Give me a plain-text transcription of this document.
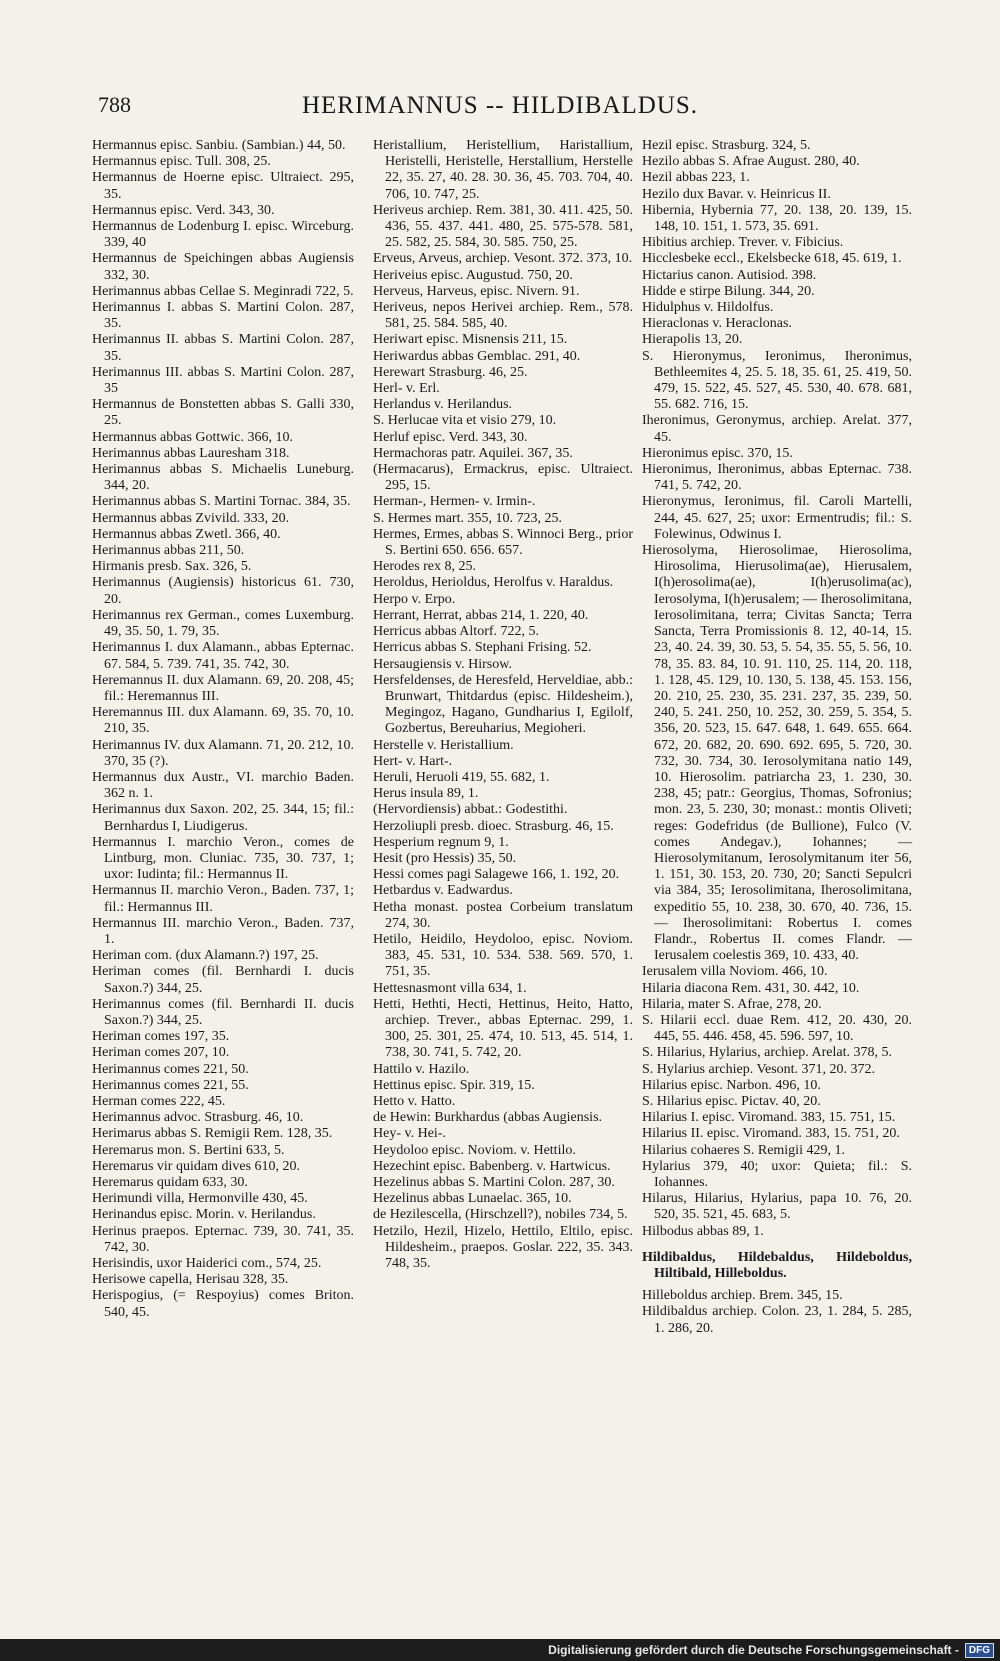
788	HERIMANNUS -- HILDIBALDUS.
Hermannus episc. Sanbiu. (Sambian.) 44, 50.
Hermannus episc. Tull. 308, 25.
Hermannus de Hoerne episc. Ultraiect. 295, 35.
Hermannus episc. Verd. 343, 30.
Hermannus de Lodenburg I. episc. Wirceburg. 339, 40
Hermannus de Speichingen abbas Augiensis 332, 30.
Herimannus abbas Cellae S. Meginradi 722, 5.
Herimannus I. abbas S. Martini Colon. 287, 35.
Herimannus II. abbas S. Martini Colon. 287, 35.
Herimannus III. abbas S. Martini Colon. 287, 35
Hermannus de Bonstetten abbas S. Galli 330, 25.
Hermannus abbas Gottwic. 366, 10.
Herimannus abbas Lauresham 318.
Herimannus abbas S. Michaelis Luneburg. 344, 20.
Herimannus abbas S. Martini Tornac. 384, 35.
Hermannus abbas Zvivild. 333, 20.
Hermannus abbas Zwetl. 366, 40.
Herimannus abbas 211, 50.
Hirmanis presb. Sax. 326, 5.
Herimannus (Augiensis) historicus 61. 730, 20.
Herimannus rex German., comes Luxemburg. 49, 35. 50, 1. 79, 35.
Herimannus I. dux Alamann., abbas Epternac. 67. 584, 5. 739. 741, 35. 742, 30.
Heremannus II. dux Alamann. 69, 20. 208, 45; fil.: Heremannus III.
Heremannus III. dux Alamann. 69, 35. 70, 10. 210, 35.
Herimannus IV. dux Alamann. 71, 20. 212, 10. 370, 35 (?).
Hermannus dux Austr., VI. marchio Baden. 362 n. 1.
Herimannus dux Saxon. 202, 25. 344, 15; fil.: Bernhardus I, Liudigerus.
Hermannus I. marchio Veron., comes de Lintburg, mon. Cluniac. 735, 30. 737, 1; uxor: Iudinta; fil.: Hermannus II.
Hermannus II. marchio Veron., Baden. 737, 1; fil.: Hermannus III.
Hermannus III. marchio Veron., Baden. 737, 1.
Heriman com. (dux Alamann.?) 197, 25.
Heriman comes (fil. Bernhardi I. ducis Saxon.?) 344, 25.
Herimannus comes (fil. Bernhardi II. ducis Saxon.?) 344, 25.
Heriman comes 197, 35.
Heriman comes 207, 10.
Herimannus comes 221, 50.
Herimannus comes 221, 55.
Herman comes 222, 45.
Herimannus advoc. Strasburg. 46, 10.
Herimarus abbas S. Remigii Rem. 128, 35.
Heremarus mon. S. Bertini 633, 5.
Heremarus vir quidam dives 610, 20.
Heremarus quidam 633, 30.
Herimundi villa, Hermonville 430, 45.
Herinandus episc. Morin. v. Herilandus.
Herinus praepos. Epternac. 739, 30. 741, 35. 742, 30.
Herisindis, uxor Haiderici com., 574, 25.
Herisowe capella, Herisau 328, 35.
Herispogius, (= Respoyius) comes Briton. 540, 45.
Heristallium, Heristellium, Haristallium, Heristelli, Heristelle, Herstallium, Herstelle 22, 35. 27, 40. 28. 30. 36, 45. 703. 704, 40. 706, 10. 747, 25.
Heriveus archiep. Rem. 381, 30. 411. 425, 50. 436, 55. 437. 441. 480, 25. 575-578. 581, 25. 582, 25. 584, 30. 585. 750, 25.
Erveus, Arveus, archiep. Vesont. 372. 373, 10.
Heriveius episc. Augustud. 750, 20.
Herveus, Harveus, episc. Nivern. 91.
Heriveus, nepos Herivei archiep. Rem., 578. 581, 25. 584. 585, 40.
Heriwart episc. Misnensis 211, 15.
Heriwardus abbas Gemblac. 291, 40.
Herewart Strasburg. 46, 25.
Herl- v. Erl.
Herlandus v. Herilandus.
S. Herlucae vita et visio 279, 10.
Herluf episc. Verd. 343, 30.
Hermachoras patr. Aquilei. 367, 35.
(Hermacarus), Ermackrus, episc. Ultraiect. 295, 15.
Herman-, Hermen- v. Irmin-.
S. Hermes mart. 355, 10. 723, 25.
Hermes, Ermes, abbas S. Winnoci Berg., prior S. Bertini 650. 656. 657.
Herodes rex 8, 25.
Heroldus, Herioldus, Herolfus v. Haraldus.
Herpo v. Erpo.
Herrant, Herrat, abbas 214, 1. 220, 40.
Herricus abbas Altorf. 722, 5.
Herricus abbas S. Stephani Frising. 52.
Hersaugiensis v. Hirsow.
Hersfeldenses, de Heresfeld, Herveldiae, abb.: Brunwart, Thitdardus (episc. Hildesheim.), Megingoz, Hagano, Gundharius I, Egilolf, Gozbertus, Bereuharius, Megioheri.
Herstelle v. Heristallium.
Hert- v. Hart-.
Heruli, Heruoli 419, 55. 682, 1.
Herus insula 89, 1.
(Hervordiensis) abbat.: Godestithi.
Herzoliupli presb. dioec. Strasburg. 46, 15.
Hesperium regnum 9, 1.
Hesit (pro Hessis) 35, 50.
Hessi comes pagi Salagewe 166, 1. 192, 20.
Hetbardus v. Eadwardus.
Hetha monast. postea Corbeium translatum 274, 30.
Hetilo, Heidilo, Heydoloo, episc. Noviom. 383, 45. 531, 10. 534. 538. 569. 570, 1. 751, 35.
Hettesnasmont villa 634, 1.
Hetti, Hethti, Hecti, Hettinus, Heito, Hatto, archiep. Trever., abbas Epternac. 299, 1. 300, 25. 301, 25. 474, 10. 513, 45. 514, 1. 738, 30. 741, 5. 742, 20.
Hattilo v. Hazilo.
Hettinus episc. Spir. 319, 15.
Hetto v. Hatto.
de Hewin: Burkhardus (abbas Augiensis.
Hey- v. Hei-.
Heydoloo episc. Noviom. v. Hettilo.
Hezechint episc. Babenberg. v. Hartwicus.
Hezelinus abbas S. Martini Colon. 287, 30.
Hezelinus abbas Lunaelac. 365, 10.
de Hezilescella, (Hirschzell?), nobiles 734, 5.
Hetzilo, Hezil, Hizelo, Hettilo, Eltilo, episc. Hildesheim., praepos. Goslar. 222, 35. 343. 748, 35.
Hezil episc. Strasburg. 324, 5.
Hezilo abbas S. Afrae August. 280, 40.
Hezil abbas 223, 1.
Hezilo dux Bavar. v. Heinricus II.
Hibernia, Hybernia 77, 20. 138, 20. 139, 15. 148, 10. 151, 1. 573, 35. 691.
Hibitius archiep. Trever. v. Fibicius.
Hicclesbeke eccl., Ekelsbecke 618, 45. 619, 1.
Hictarius canon. Autisiod. 398.
Hidde e stirpe Bilung. 344, 20.
Hidulphus v. Hildolfus.
Hieraclonas v. Heraclonas.
Hierapolis 13, 20.
S. Hieronymus, Ieronimus, Iheronimus, Bethleemites 4, 25. 5. 18, 35. 61, 25. 419, 50. 479, 15. 522, 45. 527, 45. 530, 40. 678. 681, 55. 682. 716, 15.
Iheronimus, Geronymus, archiep. Arelat. 377, 45.
Hieronimus episc. 370, 15.
Hieronimus, Iheronimus, abbas Epternac. 738. 741, 5. 742, 20.
Hieronymus, Ieronimus, fil. Caroli Martelli, 244, 45. 627, 25; uxor: Ermentrudis; fil.: S. Folewinus, Odwinus I.
Hierosolyma, Hierosolimae, Hierosolima, Hirosolima, Hierusolima(ae), Hierusalem, I(h)erosolima(ae), I(h)erusolima(ac), Ierosolyma, I(h)erusalem; — Iherosolimitana, Ierosolimitana, terra; Civitas Sancta; Terra Sancta, Terra Promissionis 8. 12, 40-14, 15. 23, 40. 24. 39, 30. 53, 5. 54, 35. 55, 5. 56, 10. 78, 35. 83. 84, 10. 91. 110, 25. 114, 20. 118, 1. 128, 45. 129, 10. 130, 5. 138, 45. 153. 156, 20. 210, 25. 230, 35. 231. 237, 35. 239, 50. 240, 5. 241. 250, 10. 252, 30. 259, 5. 354, 5. 356, 20. 523, 15. 647. 648, 1. 649. 655. 664. 672, 20. 682, 20. 690. 692. 695, 5. 720, 30. 732, 30. 734, 30. Ierosolymitana natio 149, 10. Hierosolim. patriarcha 23, 1. 230, 30. 238, 45; patr.: Georgius, Thomas, Sofronius; mon. 23, 5. 230, 30; monast.: montis Oliveti; reges: Godefridus (de Bullione), Fulco (V. comes Andegav.), Iohannes; — Hierosolymitanum, Ierosolymitanum iter 56, 1. 151, 30. 153, 20. 730, 20; Sancti Sepulcri via 384, 35; Ierosolimitana, Iherosolimitana, expeditio 55, 10. 238, 30. 670, 40. 736, 15. — Iherosolimitani: Robertus I. comes Flandr., Robertus II. comes Flandr. — Ierusalem coelestis 369, 10. 433, 40.
Ierusalem villa Noviom. 466, 10.
Hilaria diacona Rem. 431, 30. 442, 10.
Hilaria, mater S. Afrae, 278, 20.
S. Hilarii eccl. duae Rem. 412, 20. 430, 20. 445, 55. 446. 458, 45. 596. 597, 10.
S. Hilarius, Hylarius, archiep. Arelat. 378, 5.
S. Hylarius archiep. Vesont. 371, 20. 372.
Hilarius episc. Narbon. 496, 10.
S. Hilarius episc. Pictav. 40, 20.
Hilarius I. episc. Viromand. 383, 15. 751, 15.
Hilarius II. episc. Viromand. 383, 15. 751, 20.
Hilarius cohaeres S. Remigii 429, 1.
Hylarius 379, 40; uxor: Quieta; fil.: S. Iohannes.
Hilarus, Hilarius, Hylarius, papa 10. 76, 20. 520, 35. 521, 45. 683, 5.
Hilbodus abbas 89, 1.
Hildibaldus, Hildebaldus, Hildeboldus, Hiltibald, Hilleboldus.
Hilleboldus archiep. Brem. 345, 15.
Hildibaldus archiep. Colon. 23, 1. 284, 5. 285, 1. 286, 20.
Digitalisierung gefördert durch die Deutsche Forschungsgemeinschaft -	DFG
